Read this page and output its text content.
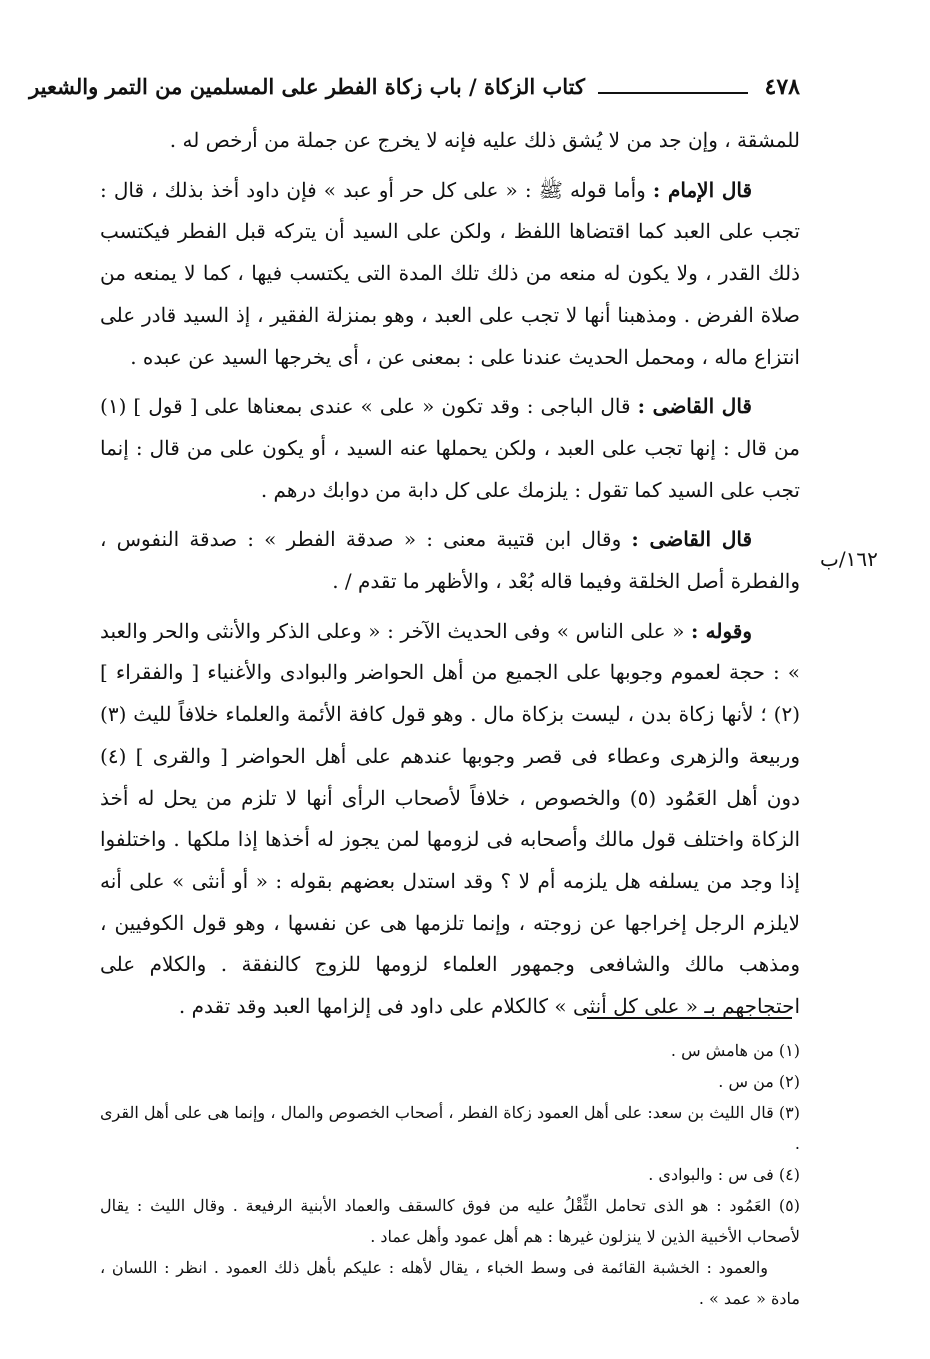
٤٧٨
كتاب الزكاة / باب زكاة الفطر على المسلمين من التمر والشعير
١٦٢/ب

للمشقة ، وإن جد من لا يُشق ذلك عليه فإنه لا يخرج عن جملة من أرخص له .

قال الإمام : وأما قوله ﷺ : « على كل حر أو عبد » فإن داود أخذ بذلك ، قال : تجب على العبد كما اقتضاها اللفظ ، ولكن على السيد أن يتركه قبل الفطر فيكتسب ذلك القدر ، ولا يكون له منعه من ذلك تلك المدة التى يكتسب فيها ، كما لا يمنعه من صلاة الفرض . ومذهبنا أنها لا تجب على العبد ، وهو بمنزلة الفقير ، إذ السيد قادر على انتزاع ماله ، ومحمل الحديث عندنا على : بمعنى عن ، أى يخرجها السيد عن عبده .

قال القاضى : قال الباجى : وقد تكون « على » عندى بمعناها على [ قول ] (١) من قال : إنها تجب على العبد ، ولكن يحملها عنه السيد ، أو يكون على من قال : إنما تجب على السيد كما تقول : يلزمك على كل دابة من دوابك درهم .

قال القاضى : وقال ابن قتيبة معنى : « صدقة الفطر » : صدقة النفوس ، والفطرة أصل الخلقة وفيما قاله بُعْد ، والأظهر ما تقدم / .

وقوله : « على الناس » وفى الحديث الآخر : « وعلى الذكر والأنثى والحر والعبد » : حجة لعموم وجوبها على الجميع من أهل الحواضر والبوادى والأغنياء [ والفقراء ] (٢) ؛ لأنها زكاة بدن ، ليست بزكاة مال . وهو قول كافة الأئمة والعلماء خلافاً لليث (٣) وربيعة والزهرى وعطاء فى قصر وجوبها عندهم على أهل الحواضر [ والقرى ] (٤) دون أهل العَمُود (٥) والخصوص ، خلافاً لأصحاب الرأى أنها لا تلزم من يحل له أخذ الزكاة واختلف قول مالك وأصحابه فى لزومها لمن يجوز له أخذها إذا ملكها . واختلفوا إذا وجد من يسلفه هل يلزمه أم لا ؟ وقد استدل بعضهم بقوله : « أو أنثى » على أنه لايلزم الرجل إخراجها عن زوجته ، وإنما تلزمها هى عن نفسها ، وهو قول الكوفيين ، ومذهب مالك والشافعى وجمهور العلماء لزومها للزوج كالنفقة . والكلام على احتجاجهم بـ « على كل أنثى » كالكلام على داود فى إلزامها العبد وقد تقدم .

(١) من هامش س .

(٢) من س .

(٣) قال الليث بن سعد: على أهل العمود زكاة الفطر ، أصحاب الخصوص والمال ، وإنما هى على أهل القرى .

(٤) فى س : والبوادى .

(٥) العَمُود : هو الذى تحامل الثِّقْلُ عليه من فوق كالسقف والعماد الأبنية الرفيعة . وقال الليث : يقال لأصحاب الأخبية الذين لا ينزلون غيرها : هم أهل عمود وأهل عماد .

والعمود : الخشبة القائمة فى وسط الخباء ، يقال لأهله : عليكم بأهل ذلك العمود . انظر : اللسان ، مادة « عمد » .
